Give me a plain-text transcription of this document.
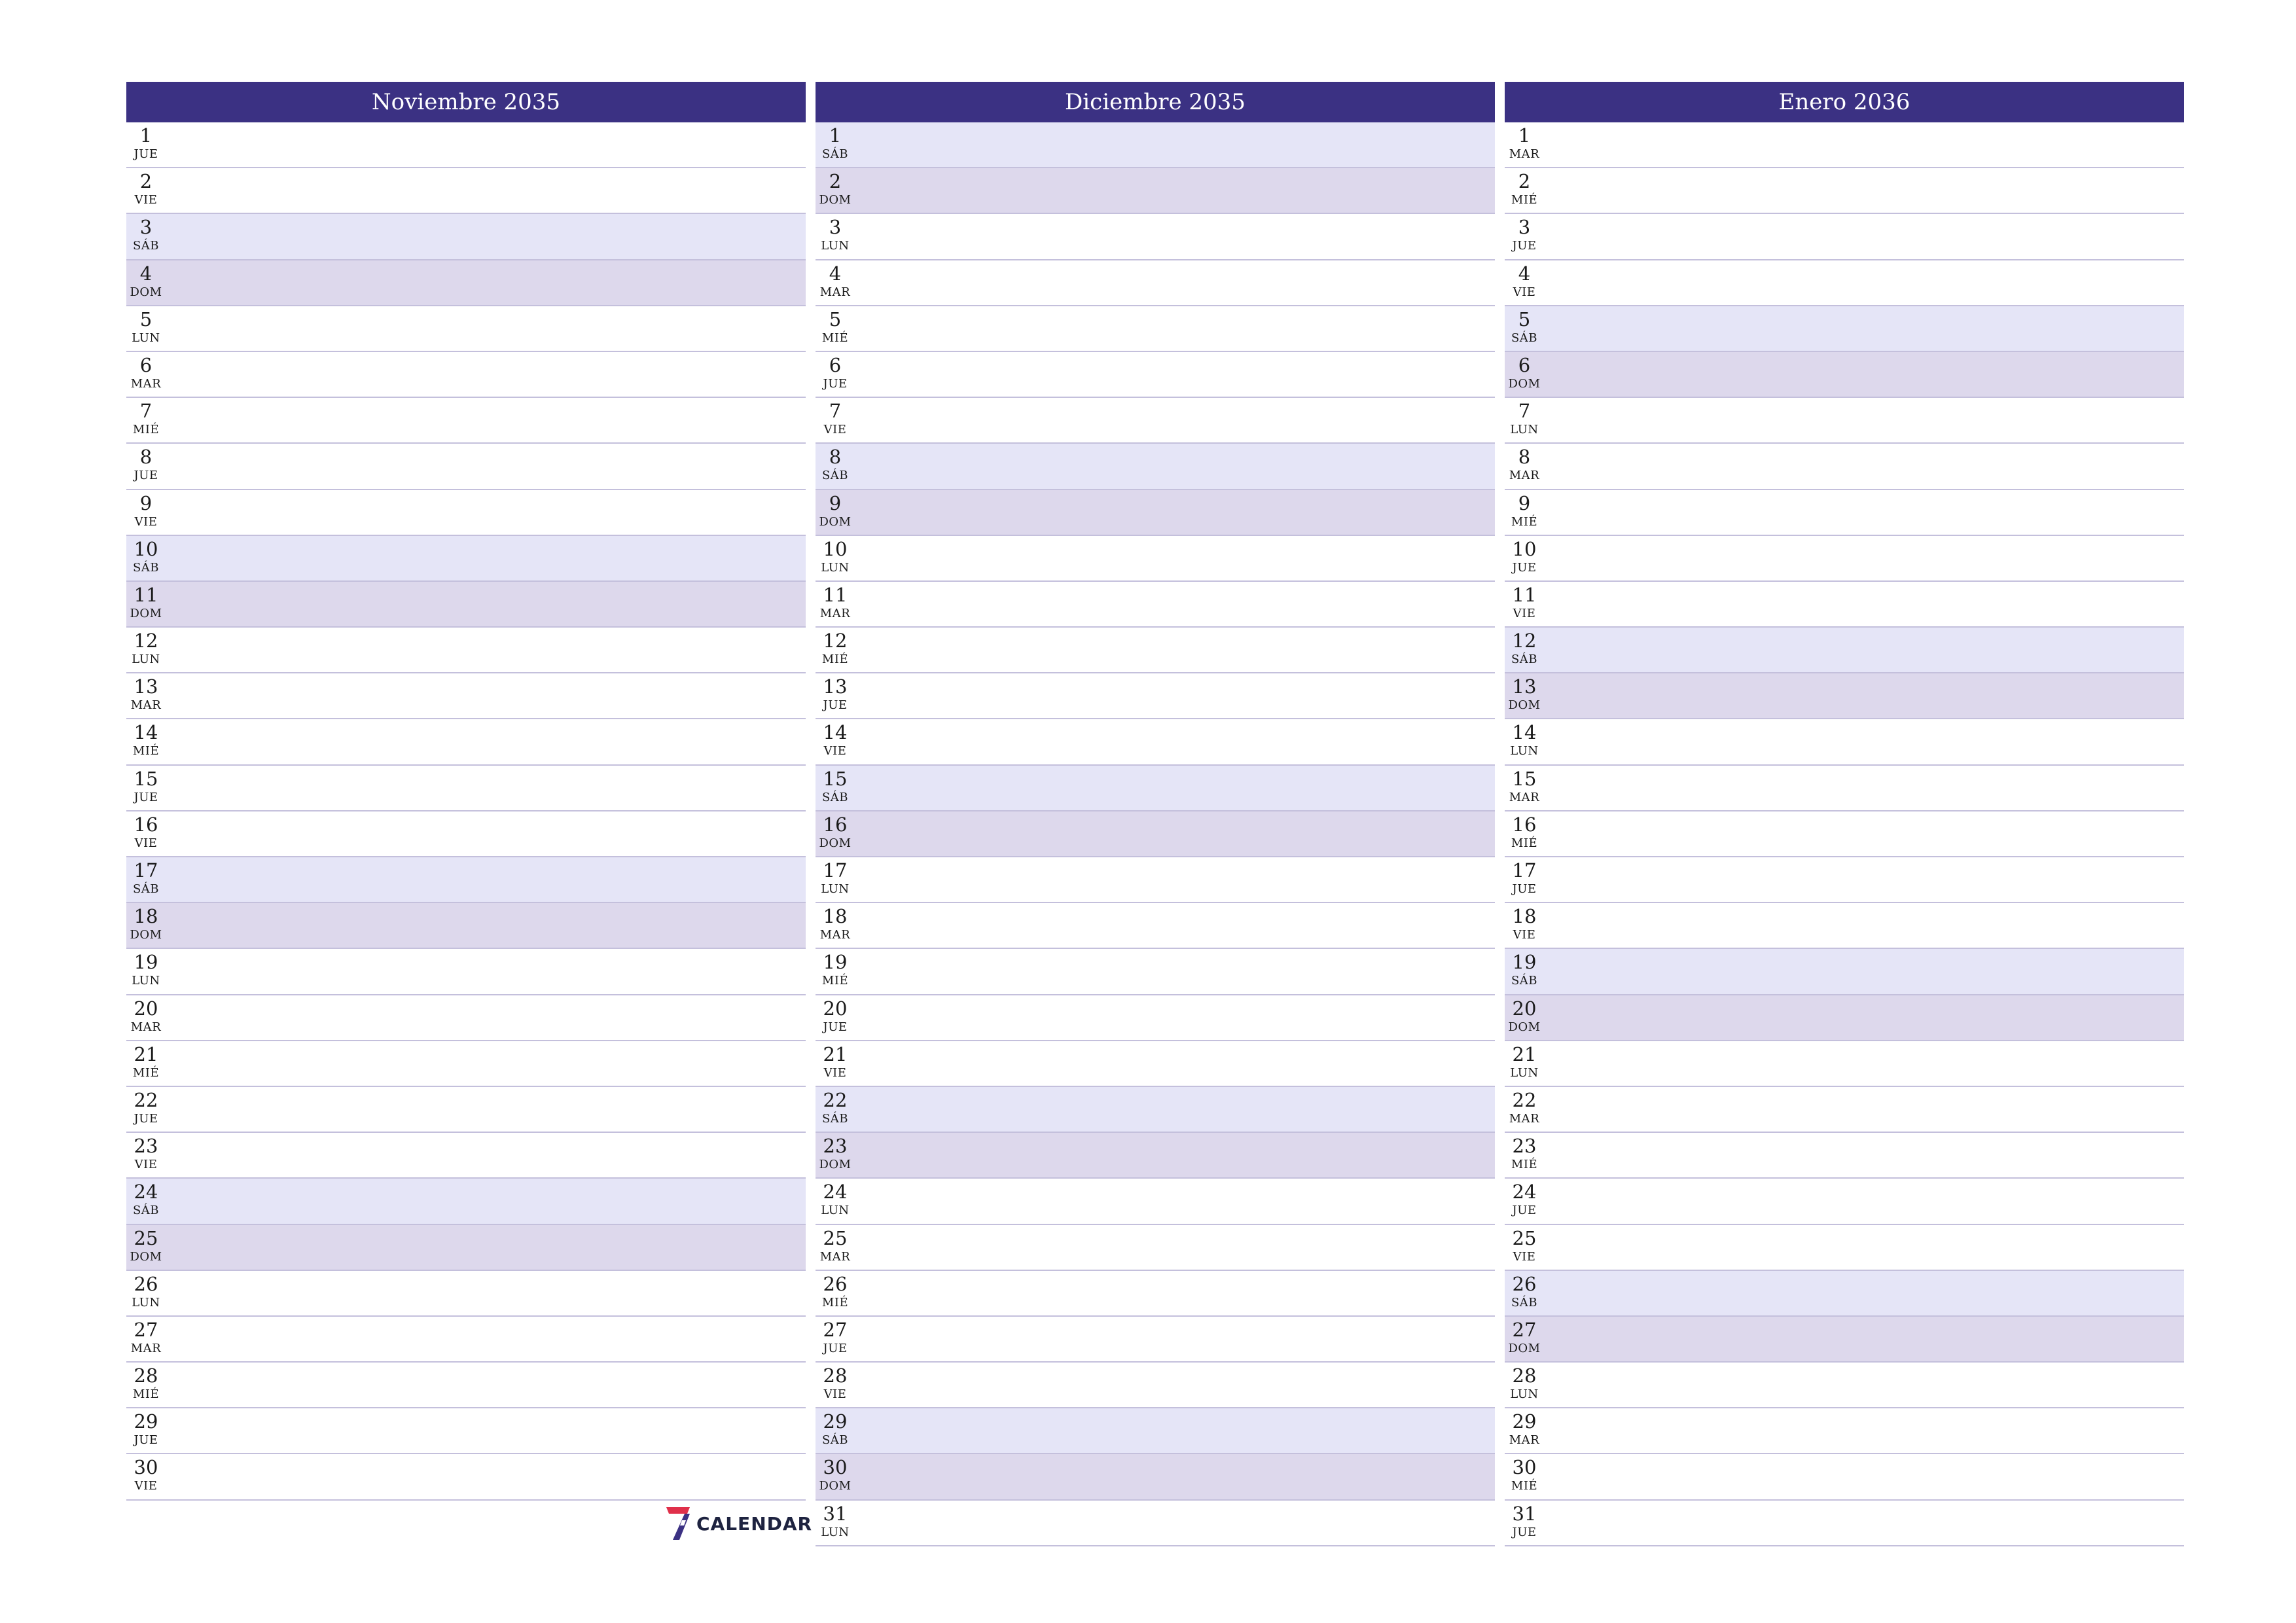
Noviembre 2035
1
JUE
2
VIE
3
SÁB
4
DOM
5
LUN
6
MAR
7
MIÉ
8
JUE
9
VIE
10
SÁB
11
DOM
12
LUN
13
MAR
14
MIÉ
15
JUE
16
VIE
17
SÁB
18
DOM
19
LUN
20
MAR
21
MIÉ
22
JUE
23
VIE
24
SÁB
25
DOM
26
LUN
27
MAR
28
MIÉ
29
JUE
30
VIE
Diciembre 2035
1
SÁB
2
DOM
3
LUN
4
MAR
5
MIÉ
6
JUE
7
VIE
8
SÁB
9
DOM
10
LUN
11
MAR
12
MIÉ
13
JUE
14
VIE
15
SÁB
16
DOM
17
LUN
18
MAR
19
MIÉ
20
JUE
21
VIE
22
SÁB
23
DOM
24
LUN
25
MAR
26
MIÉ
27
JUE
28
VIE
29
SÁB
30
DOM
31
LUN
Enero 2036
1
MAR
2
MIÉ
3
JUE
4
VIE
5
SÁB
6
DOM
7
LUN
8
MAR
9
MIÉ
10
JUE
11
VIE
12
SÁB
13
DOM
14
LUN
15
MAR
16
MIÉ
17
JUE
18
VIE
19
SÁB
20
DOM
21
LUN
22
MAR
23
MIÉ
24
JUE
25
VIE
26
SÁB
27
DOM
28
LUN
29
MAR
30
MIÉ
31
JUE
CALENDAR
